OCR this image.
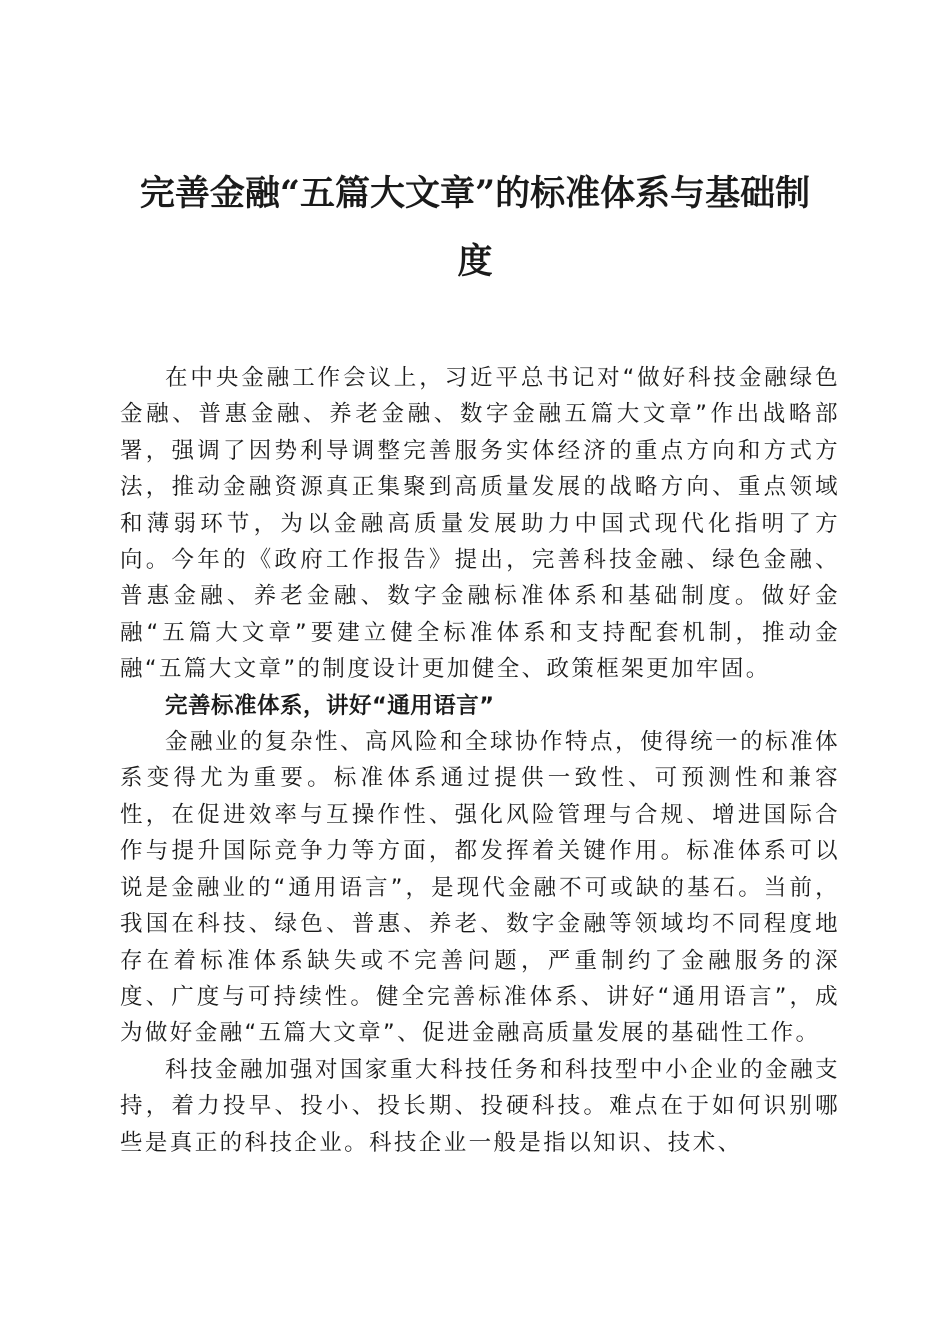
完善金融“五篇大文章”的标准体系与基础制
度

在中央金融工作会议上，习近平总书记对“做好科技金融绿色金融、普惠金融、养老金融、数字金融五篇大文章”作出战略部署，强调了因势利导调整完善服务实体经济的重点方向和方式方法，推动金融资源真正集聚到高质量发展的战略方向、重点领域和薄弱环节，为以金融高质量发展助力中国式现代化指明了方向。今年的《政府工作报告》提出，完善科技金融、绿色金融、普惠金融、养老金融、数字金融标准体系和基础制度。做好金融“五篇大文章”要建立健全标准体系和支持配套机制，推动金融“五篇大文章”的制度设计更加健全、政策框架更加牢固。

完善标准体系，讲好“通用语言”

金融业的复杂性、高风险和全球协作特点，使得统一的标准体系变得尤为重要。标准体系通过提供一致性、可预测性和兼容性，在促进效率与互操作性、强化风险管理与合规、增进国际合作与提升国际竞争力等方面，都发挥着关键作用。标准体系可以说是金融业的“通用语言”，是现代金融不可或缺的基石。当前，我国在科技、绿色、普惠、养老、数字金融等领域均不同程度地存在着标准体系缺失或不完善问题，严重制约了金融服务的深度、广度与可持续性。健全完善标准体系、讲好“通用语言”，成为做好金融“五篇大文章”、促进金融高质量发展的基础性工作。

科技金融加强对国家重大科技任务和科技型中小企业的金融支持，着力投早、投小、投长期、投硬科技。难点在于如何识别哪些是真正的科技企业。科技企业一般是指以知识、技术、
